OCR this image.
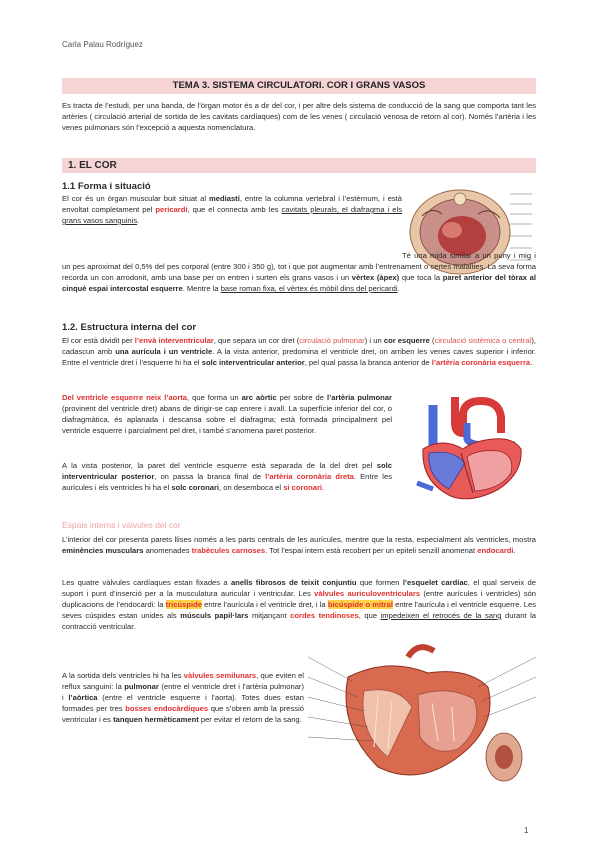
Carla Palau Rodríguez
TEMA 3. SISTEMA CIRCULATORI. COR I GRANS VASOS

Es tracta de l’estudi, per una banda, de l’òrgan motor és a dir del cor, i per altre dels sistema de conducció de la sang que comporta tant les artèries ( circulació arterial de sortida de les cavitats cardíaques) com de les venes ( circulació venosa de retorn al cor). Només l’artèria i les venes pulmonars són l’excepció a aquesta nomenclatura.

1. EL COR
1.1 Forma i situació

El cor és un òrgan muscular buit situat al mediastí, entre la columna vertebral i l’estèrnum, i està envoltat completament pel pericardi, que el connecta amb les cavitats pleurals, el diafragma i els grans vasos sanguinis.

Té una mida similar a un puny i mig i un pes aproximat del 0,5% del pes corporal (entre 300 i 350 g), tot i que pot augmentar amb l’entrenament o certes malalties. La seva forma recorda un con arrodonit, amb una base per on entren i surten els grans vasos i un vèrtex (àpex) que toca la paret anterior del tòrax al cinquè espai intercostal esquerre. Mentre la base roman fixa, el vèrtex és mòbil dins del pericardi.

1.2. Estructura interna del cor

El cor està dividit per l’envà interventricular, que separa un cor dret (circulació pulmonar) i un cor esquerre (circulació sistèmica o central), cadascun amb una aurícula i un ventricle. A la vista anterior, predomina el ventricle dret, on arriben les venes caves superior i inferior. Entre el ventricle dret i l’esquerre hi ha el solc interventricular anterior, pel qual passa la branca anterior de l’artèria coronària esquerra.

Del ventricle esquerre neix l’aorta, que forma un arc aòrtic per sobre de l’artèria pulmonar (provinent del ventricle dret) abans de dirigir-se cap enrere i avall. La superfície inferior del cor, o diafragmàtica, és aplanada i descansa sobre el diafragma; està formada principalment pel ventricle esquerre i parcialment pel dret, i també s’anomena paret posterior.

A la vista posterior, la paret del ventricle esquerre està separada de la del dret pel solc interventricular posterior, on passa la branca final de l’artèria coronària dreta. Entre les aurícules i els ventricles hi ha el solc coronari, on desemboca el si coronari.

Espais interns i vàlvules del cor

L’interior del cor presenta parets llises només a les parts centrals de les aurícules, mentre que la resta, especialment als ventricles, mostra eminències musculars anomenades trabècules carnoses. Tot l’espai intern està recobert per un epiteli senzill anomenat endocardi.

Les quatre vàlvules cardíaques estan fixades a anells fibrosos de teixit conjuntiu que formen l’esquelet cardíac, el qual serveix de suport i punt d’inserció per a la musculatura auricular i ventricular. Les vàlvules auriculoventriculars (entre aurícules i ventricles) són duplicacions de l’endocardi: la tricúspide entre l’aurícula i el ventricle dret, i la bicúspide o mitral entre l’aurícula i el ventricle esquerre. Les seves cúspides estan unides als músculs papil·lars mitjançant cordes tendinoses, que impedeixen el retrocés de la sang durant la contracció ventricular.

A la sortida dels ventricles hi ha les vàlvules semilunars, que eviten el reflux sanguini: la pulmonar (entre el ventricle dret i l’artèria pulmonar) i l’aòrtica (entre el ventricle esquerre i l’aorta). Totes dues estan formades per tres bosses endocàrdiques que s’obren amb la pressió ventricular i es tanquen hermèticament per evitar el retorn de la sang.

1
